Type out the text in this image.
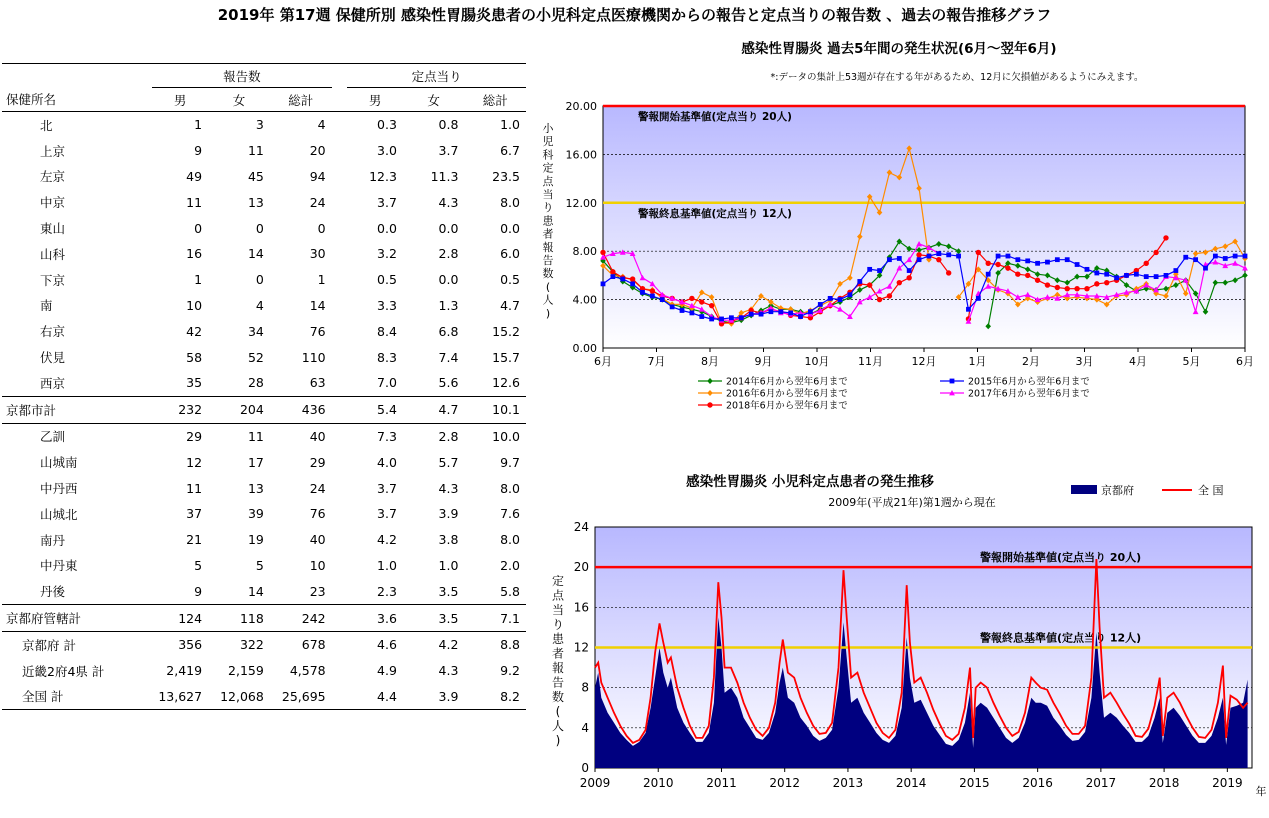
2019年 第17週 保健所別 感染性胃腸炎患者の小児科定点医療機関からの報告と定点当りの報告数 、過去の報告推移グラフ
		報告数				定点当り		
保健所名		男	女	総計		男	女	総計
北		1	3	4		0.3	0.8	1.0
上京		9	11	20		3.0	3.7	6.7
左京		49	45	94		12.3	11.3	23.5
中京		11	13	24		3.7	4.3	8.0
東山		0	0	0		0.0	0.0	0.0
山科		16	14	30		3.2	2.8	6.0
下京		1	0	1		0.5	0.0	0.5
南		10	4	14		3.3	1.3	4.7
右京		42	34	76		8.4	6.8	15.2
伏見		58	52	110		8.3	7.4	15.7
西京		35	28	63		7.0	5.6	12.6
京都市計		232	204	436		5.4	4.7	10.1
乙訓		29	11	40		7.3	2.8	10.0
山城南		12	17	29		4.0	5.7	9.7
中丹西		11	13	24		3.7	4.3	8.0
山城北		37	39	76		3.7	3.9	7.6
南丹		21	19	40		4.2	3.8	8.0
中丹東		5	5	10		1.0	1.0	2.0
丹後		9	14	23		2.3	3.5	5.8
京都府管轄計		124	118	242		3.6	3.5	7.1
京都府 計		356	322	678		4.6	4.2	8.8
近畿2府4県 計		2,419	2,159	4,578		4.9	4.3	9.2
全国 計		13,627	12,068	25,695		4.4	3.9	8.2
感染性胃腸炎 過去5年間の発生状況(6月～翌年6月)
*:データの集計上53週が存在する年があるため、12月に欠損値があるようにみえます。
0.00
4.00
8.00
12.00
16.00
20.00
小児科定点当り患者報告数(人)
6月	7月	8月	9月	10月	11月	12月	1月	2月	3月	4月	5月	6月
警報開始基準値(定点当り 20人)
警報終息基準値(定点当り 12人)
2014年6月から翌年6月まで	2015年6月から翌年6月まで
2016年6月から翌年6月まで	2017年6月から翌年6月まで
2018年6月から翌年6月まで
感染性胃腸炎 小児科定点患者の発生推移
2009年(平成21年)第1週から現在
京都府	全 国
0
4
8
12
16
20
24
定点当り患者報告数(人)
2009	2010	2011	2012	2013	2014	2015	2016	2017	2018	2019
年
警報開始基準値(定点当り 20人)
警報終息基準値(定点当り 12人)
